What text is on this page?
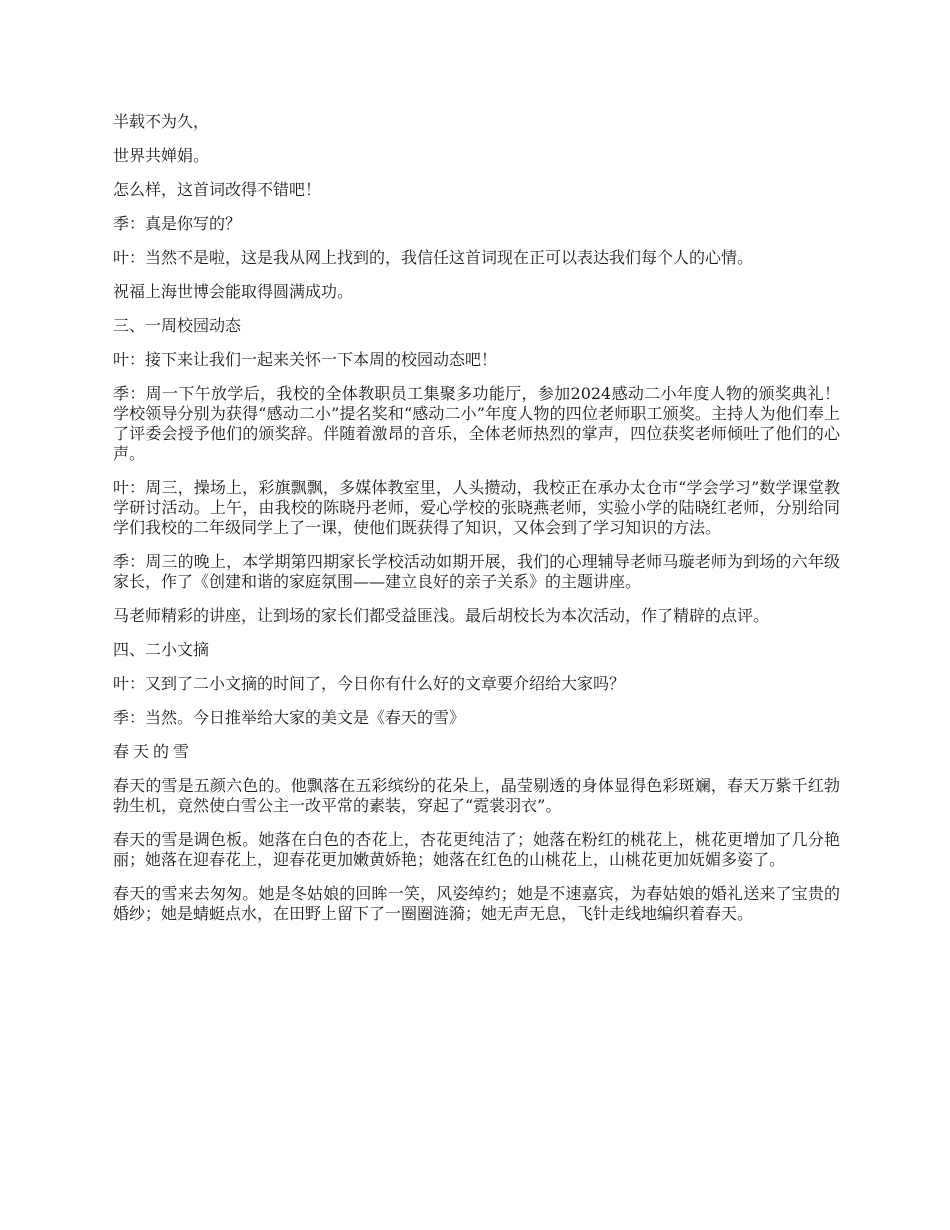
半载不为久，

世界共婵娟。

怎么样，这首词改得不错吧！

季：真是你写的？

叶：当然不是啦，这是我从网上找到的，我信任这首词现在正可以表达我们每个人的心情。

祝福上海世博会能取得圆满成功。

三、一周校园动态

叶：接下来让我们一起来关怀一下本周的校园动态吧！

季：周一下午放学后，我校的全体教职员工集聚多功能厅，参加2024感动二小年度人物的颁奖典礼！学校领导分别为获得“感动二小”提名奖和“感动二小”年度人物的四位老师职工颁奖。主持人为他们奉上了评委会授予他们的颁奖辞。伴随着激昂的音乐，全体老师热烈的掌声，四位获奖老师倾吐了他们的心声。

叶：周三，操场上，彩旗飘飘，多媒体教室里，人头攒动，我校正在承办太仓市“学会学习”数学课堂教学研讨活动。上午，由我校的陈晓丹老师，爱心学校的张晓燕老师，实验小学的陆晓红老师，分别给同学们我校的二年级同学上了一课，使他们既获得了知识，又体会到了学习知识的方法。

季：周三的晚上，本学期第四期家长学校活动如期开展，我们的心理辅导老师马璇老师为到场的六年级家长，作了《创建和谐的家庭氛围——建立良好的亲子关系》的主题讲座。

马老师精彩的讲座，让到场的家长们都受益匪浅。最后胡校长为本次活动，作了精辟的点评。

四、二小文摘

叶：又到了二小文摘的时间了，今日你有什么好的文章要介绍给大家吗？

季：当然。今日推举给大家的美文是《春天的雪》

春天的雪

春天的雪是五颜六色的。他飘落在五彩缤纷的花朵上，晶莹剔透的身体显得色彩斑斓，春天万紫千红勃勃生机，竟然使白雪公主一改平常的素装，穿起了“霓裳羽衣”。

春天的雪是调色板。她落在白色的杏花上，杏花更纯洁了；她落在粉红的桃花上，桃花更增加了几分艳丽；她落在迎春花上，迎春花更加嫩黄娇艳；她落在红色的山桃花上，山桃花更加妩媚多姿了。

春天的雪来去匆匆。她是冬姑娘的回眸一笑，风姿绰约；她是不速嘉宾，为春姑娘的婚礼送来了宝贵的婚纱；她是蜻蜓点水，在田野上留下了一圈圈涟漪；她无声无息，飞针走线地编织着春天。
